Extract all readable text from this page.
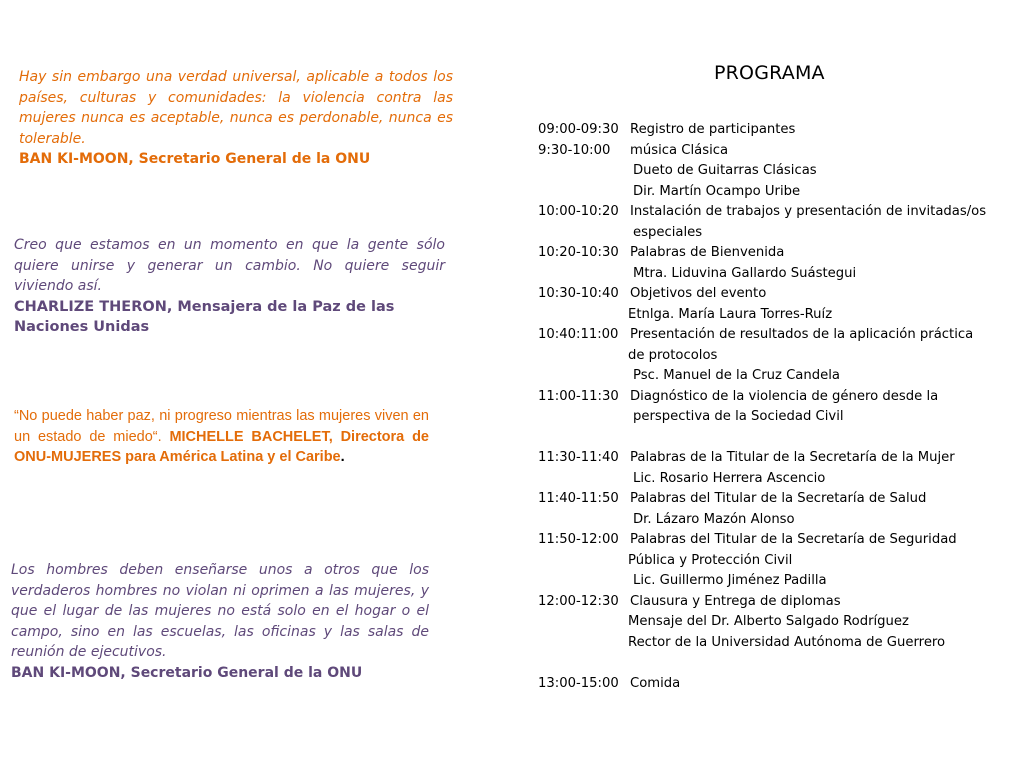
Hay sin embargo una verdad universal, aplicable a todos los países, culturas y comunidades: la violencia contra las mujeres nunca es aceptable, nunca es perdonable, nunca es tolerable.
BAN KI-MOON, Secretario General de la ONU
Creo que estamos en un momento en que la gente sólo quiere unirse y generar un cambio. No quiere seguir viviendo así.
CHARLIZE THERON, Mensajera de la Paz de las Naciones Unidas
“No puede haber paz, ni progreso mientras las mujeres viven en un estado de miedo“. MICHELLE BACHELET, Directora de ONU-MUJERES para América Latina y el Caribe.
Los hombres deben enseñarse unos a otros que los verdaderos hombres no violan ni oprimen a las mujeres, y que el lugar de las mujeres no está solo en el hogar o el campo, sino en las escuelas, las oficinas y las salas de reunión de ejecutivos.
BAN KI-MOON, Secretario General de la ONU
PROGRAMA
09:00-09:30 Registro de participantes
9:30-10:00 música Clásica
Dueto de Guitarras Clásicas
Dir. Martín Ocampo Uribe
10:00-10:20 Instalación de trabajos y presentación de invitadas/os
especiales
10:20-10:30 Palabras de Bienvenida
Mtra. Liduvina Gallardo Suástegui
10:30-10:40 Objetivos del evento
Etnlga. María Laura Torres-Ruíz
10:40:11:00 Presentación de resultados de la aplicación práctica
de protocolos
Psc. Manuel de la Cruz Candela
11:00-11:30 Diagnóstico de la violencia de género desde la
perspectiva de la Sociedad Civil
11:30-11:40 Palabras de la Titular de la Secretaría de la Mujer
Lic. Rosario Herrera Ascencio
11:40-11:50 Palabras del Titular de la Secretaría de Salud
Dr. Lázaro Mazón Alonso
11:50-12:00 Palabras del Titular de la Secretaría de Seguridad
Pública y Protección Civil
Lic. Guillermo Jiménez Padilla
12:00-12:30 Clausura y Entrega de diplomas
Mensaje del Dr. Alberto Salgado Rodríguez
Rector de la Universidad Autónoma de Guerrero
13:00-15:00 Comida
